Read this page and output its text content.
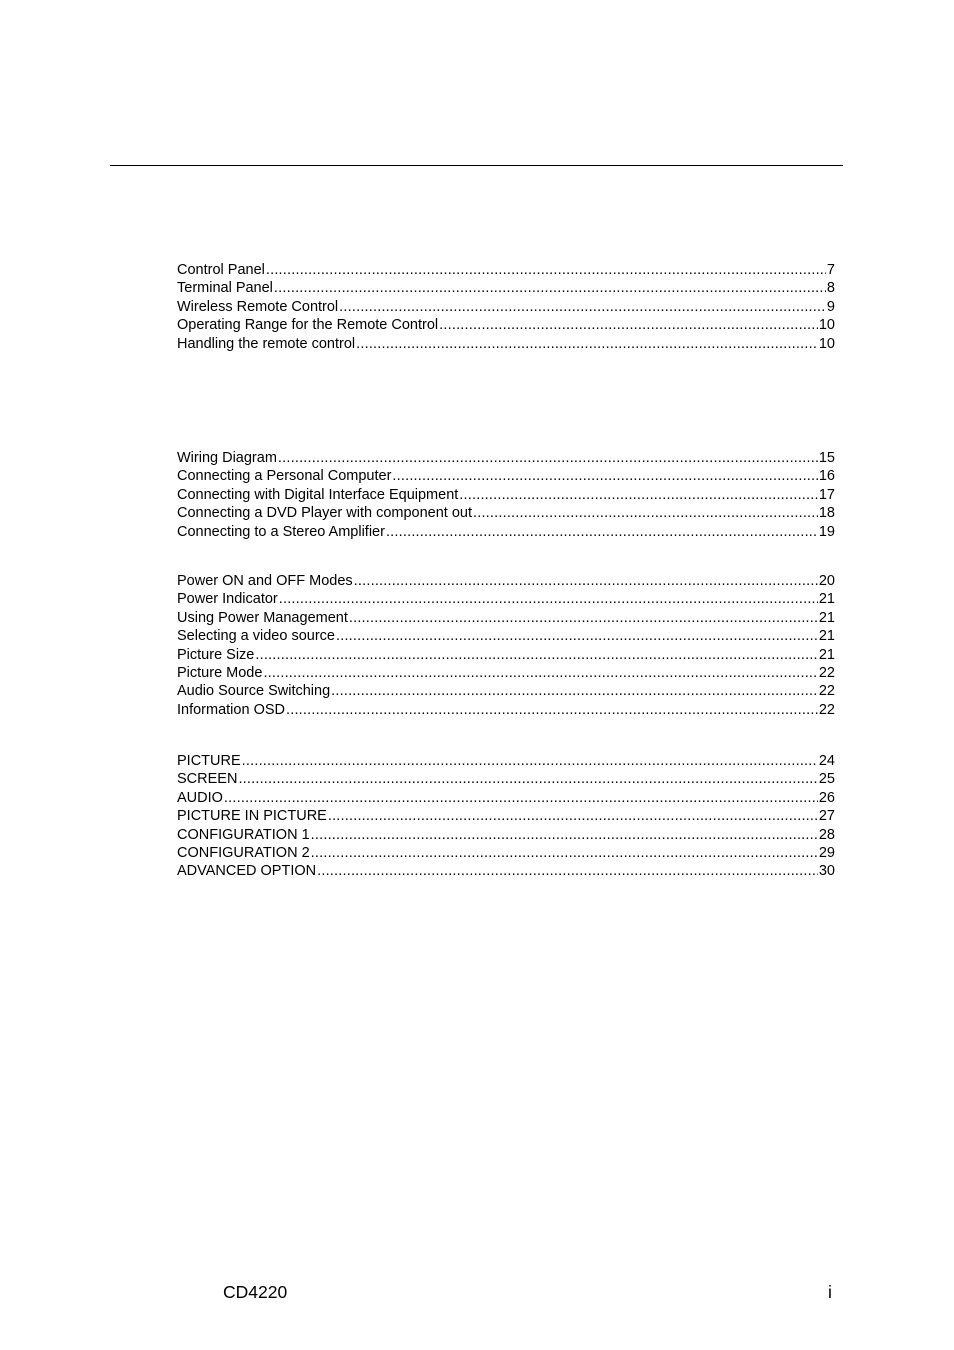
Control Panel .....	7
Terminal Panel .....	8
Wireless Remote Control .....	9
Operating Range for the Remote Control .....	10
Handling the remote control .....	10
Wiring Diagram .....	15
Connecting a Personal Computer .....	16
Connecting with Digital Interface Equipment .....	17
Connecting a DVD Player with component out .....	18
Connecting to a Stereo Amplifier .....	19
Power ON and OFF Modes .....	20
Power Indicator .....	21
Using Power Management .....	21
Selecting a video source .....	21
Picture Size .....	21
Picture Mode .....	22
Audio Source Switching .....	22
Information OSD .....	22
PICTURE .....	24
SCREEN .....	25
AUDIO .....	26
PICTURE IN PICTURE .....	27
CONFIGURATION 1 .....	28
CONFIGURATION 2 .....	29
ADVANCED OPTION .....	30
CD4220	i
